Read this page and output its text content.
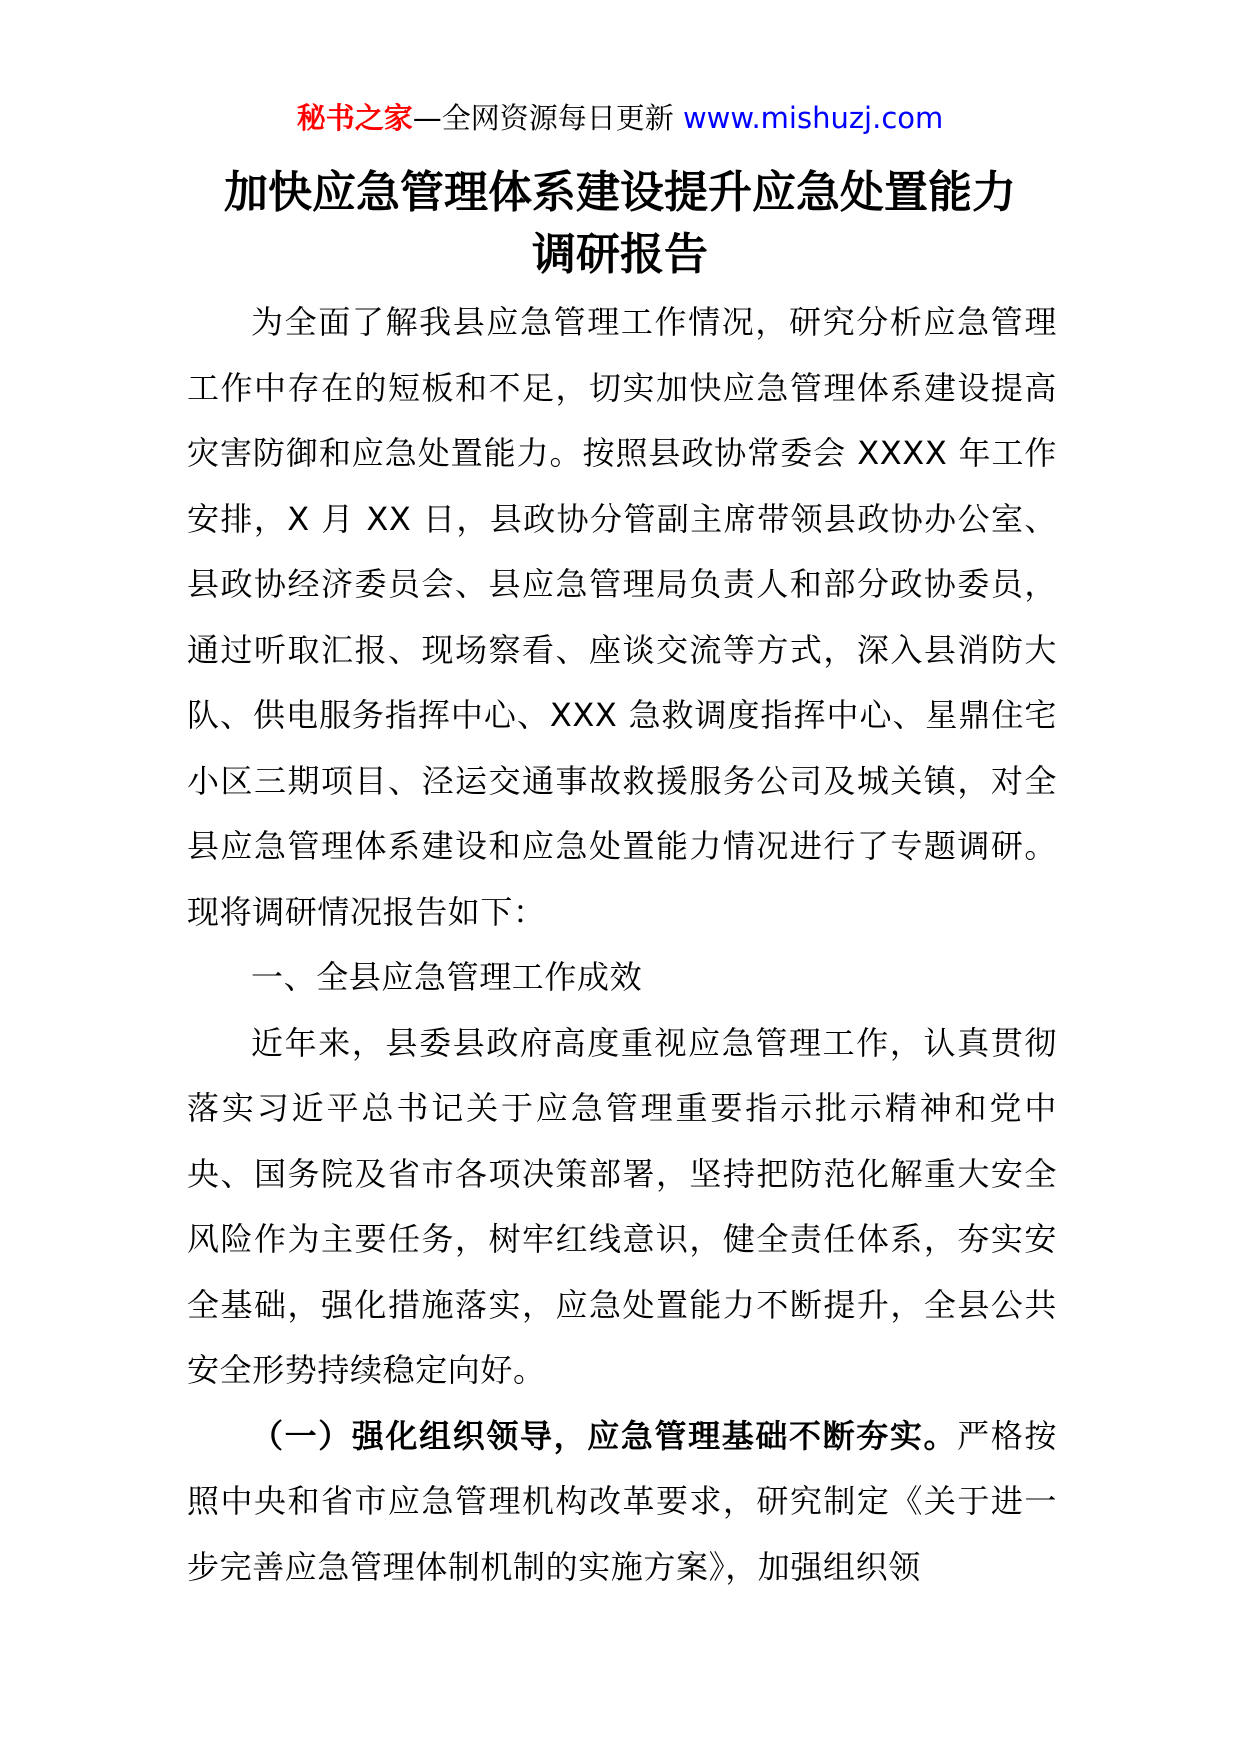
秘书之家—全网资源每日更新 www.mishuzj.com
加快应急管理体系建设提升应急处置能力
调研报告

为全面了解我县应急管理工作情况，研究分析应急管理工作中存在的短板和不足，切实加快应急管理体系建设提高灾害防御和应急处置能力。按照县政协常委会 XXXX 年工作安排，X 月 XX 日，县政协分管副主席带领县政协办公室、县政协经济委员会、县应急管理局负责人和部分政协委员，通过听取汇报、现场察看、座谈交流等方式，深入县消防大队、供电服务指挥中心、XXX 急救调度指挥中心、星鼎住宅小区三期项目、泾运交通事故救援服务公司及城关镇，对全县应急管理体系建设和应急处置能力情况进行了专题调研。现将调研情况报告如下：

一、全县应急管理工作成效

近年来，县委县政府高度重视应急管理工作，认真贯彻落实习近平总书记关于应急管理重要指示批示精神和党中央、国务院及省市各项决策部署，坚持把防范化解重大安全风险作为主要任务，树牢红线意识，健全责任体系，夯实安全基础，强化措施落实，应急处置能力不断提升，全县公共安全形势持续稳定向好。

（一）强化组织领导，应急管理基础不断夯实。严格按照中央和省市应急管理机构改革要求，研究制定《关于进一步完善应急管理体制机制的实施方案》，加强组织领
